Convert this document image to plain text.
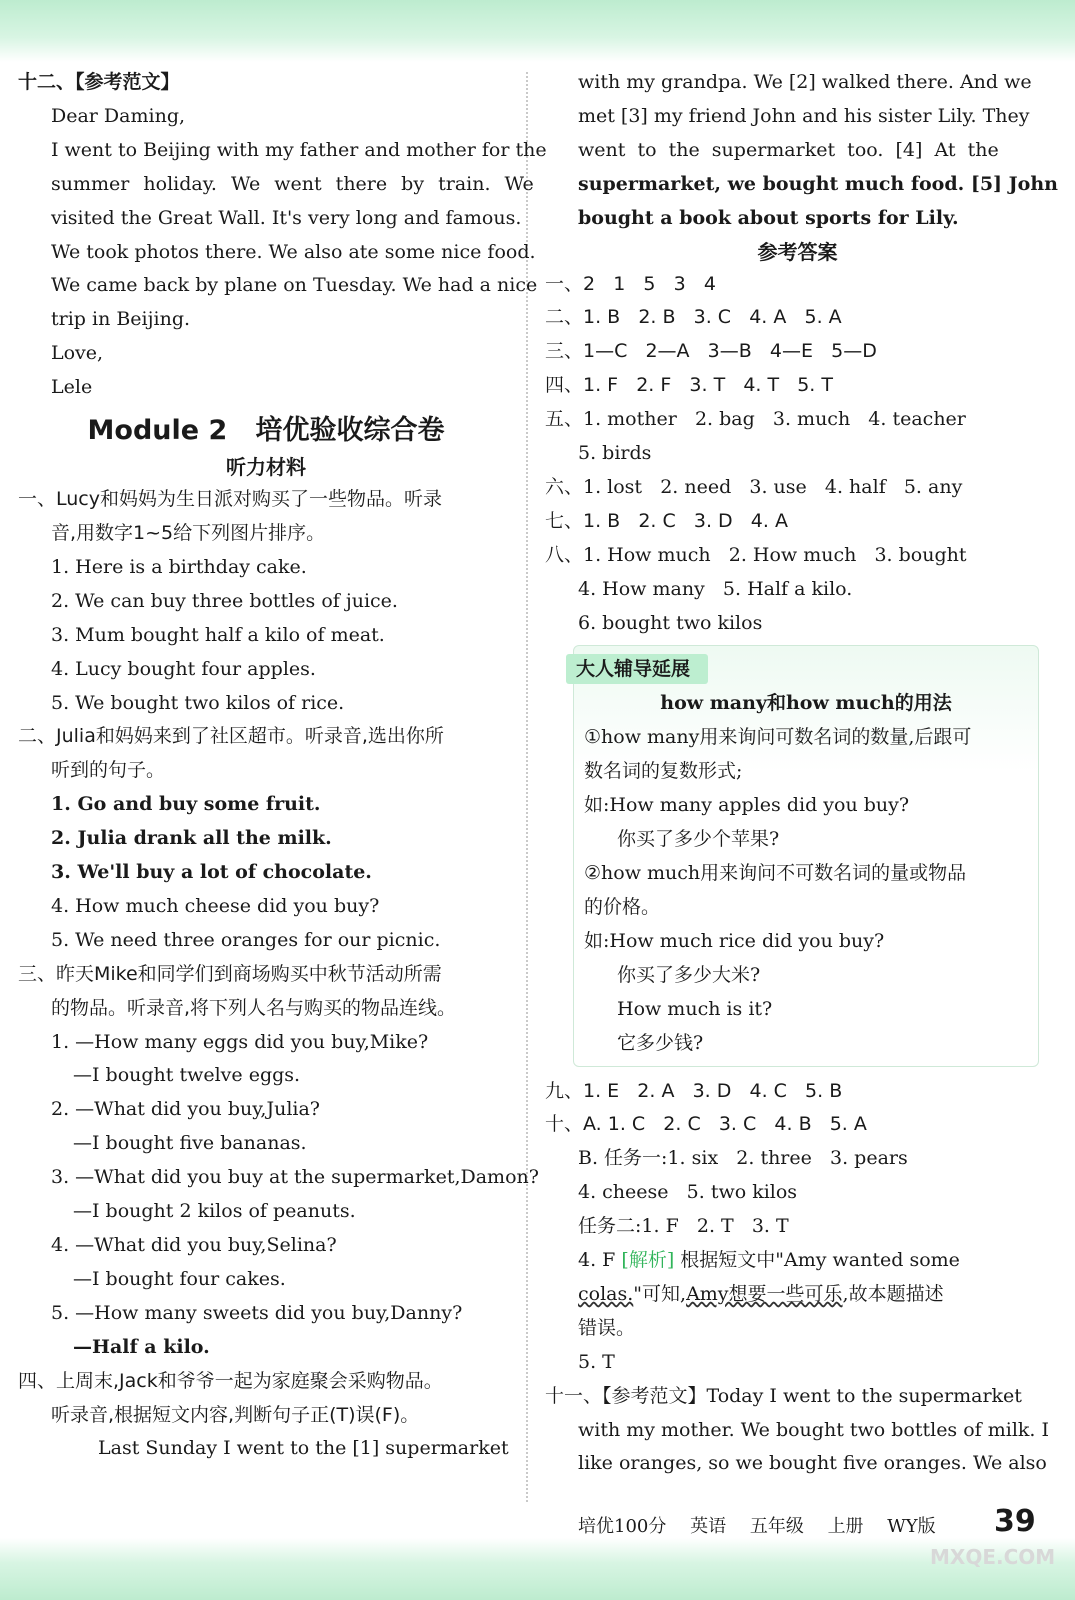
十二、【参考范文】
Dear Daming,
I went to Beijing with my father and mother for the
summer holiday. We went there by train. We
visited the Great Wall. It's very long and famous.
We took photos there. We also ate some nice food.
We came back by plane on Tuesday. We had a nice
trip in Beijing.
Love,
Lele
Module 2   培优验收综合卷
听力材料
一、Lucy和妈妈为生日派对购买了一些物品。听录
音,用数字1~5给下列图片排序。
1. Here is a birthday cake.
2. We can buy three bottles of juice.
3. Mum bought half a kilo of meat.
4. Lucy bought four apples.
5. We bought two kilos of rice.
二、Julia和妈妈来到了社区超市。听录音,选出你所
听到的句子。
1. Go and buy some fruit.
2. Julia drank all the milk.
3. We'll buy a lot of chocolate.
4. How much cheese did you buy?
5. We need three oranges for our picnic.
三、昨天Mike和同学们到商场购买中秋节活动所需
的物品。听录音,将下列人名与购买的物品连线。
1. —How many eggs did you buy,Mike?
—I bought twelve eggs.
2. —What did you buy,Julia?
—I bought five bananas.
3. —What did you buy at the supermarket,Damon?
—I bought 2 kilos of peanuts.
4. —What did you buy,Selina?
—I bought four cakes.
5. —How many sweets did you buy,Danny?
—Half a kilo.
四、上周末,Jack和爷爷一起为家庭聚会采购物品。
听录音,根据短文内容,判断句子正(T)误(F)。
Last Sunday I went to the [1] supermarket
with my grandpa. We [2] walked there. And we
met [3] my friend John and his sister Lily. They
went  to  the  supermarket  too.  [4]  At  the
supermarket, we bought much food. [5] John
bought a book about sports for Lily.
参考答案
一、2   1   5   3   4
二、1. B   2. B   3. C   4. A   5. A
三、1—C   2—A   3—B   4—E   5—D
四、1. F   2. F   3. T   4. T   5. T
五、1. mother   2. bag   3. much   4. teacher
5. birds
六、1. lost   2. need   3. use   4. half   5. any
七、1. B   2. C   3. D   4. A
八、1. How much   2. How much   3. bought
4. How many   5. Half a kilo.
6. bought two kilos
大人辅导延展
how many和how much的用法
①how many用来询问可数名词的数量,后跟可
数名词的复数形式;
如:How many apples did you buy?
你买了多少个苹果?
②how much用来询问不可数名词的量或物品
的价格。
如:How much rice did you buy?
你买了多少大米?
How much is it?
它多少钱?
九、1. E   2. A   3. D   4. C   5. B
十、A. 1. C   2. C   3. C   4. B   5. A
B. 任务一:1. six   2. three   3. pears
4. cheese   5. two kilos
任务二:1. F   2. T   3. T
4. F [解析] 根据短文中"Amy wanted some
colas."可知,Amy想要一些可乐,故本题描述
错误。
5. T
十一、【参考范文】Today I went to the supermarket
with my mother. We bought two bottles of milk. I
like oranges, so we bought five oranges. We also
培优100分 英语 五年级 上册 WY版	39
MXQE.COM
